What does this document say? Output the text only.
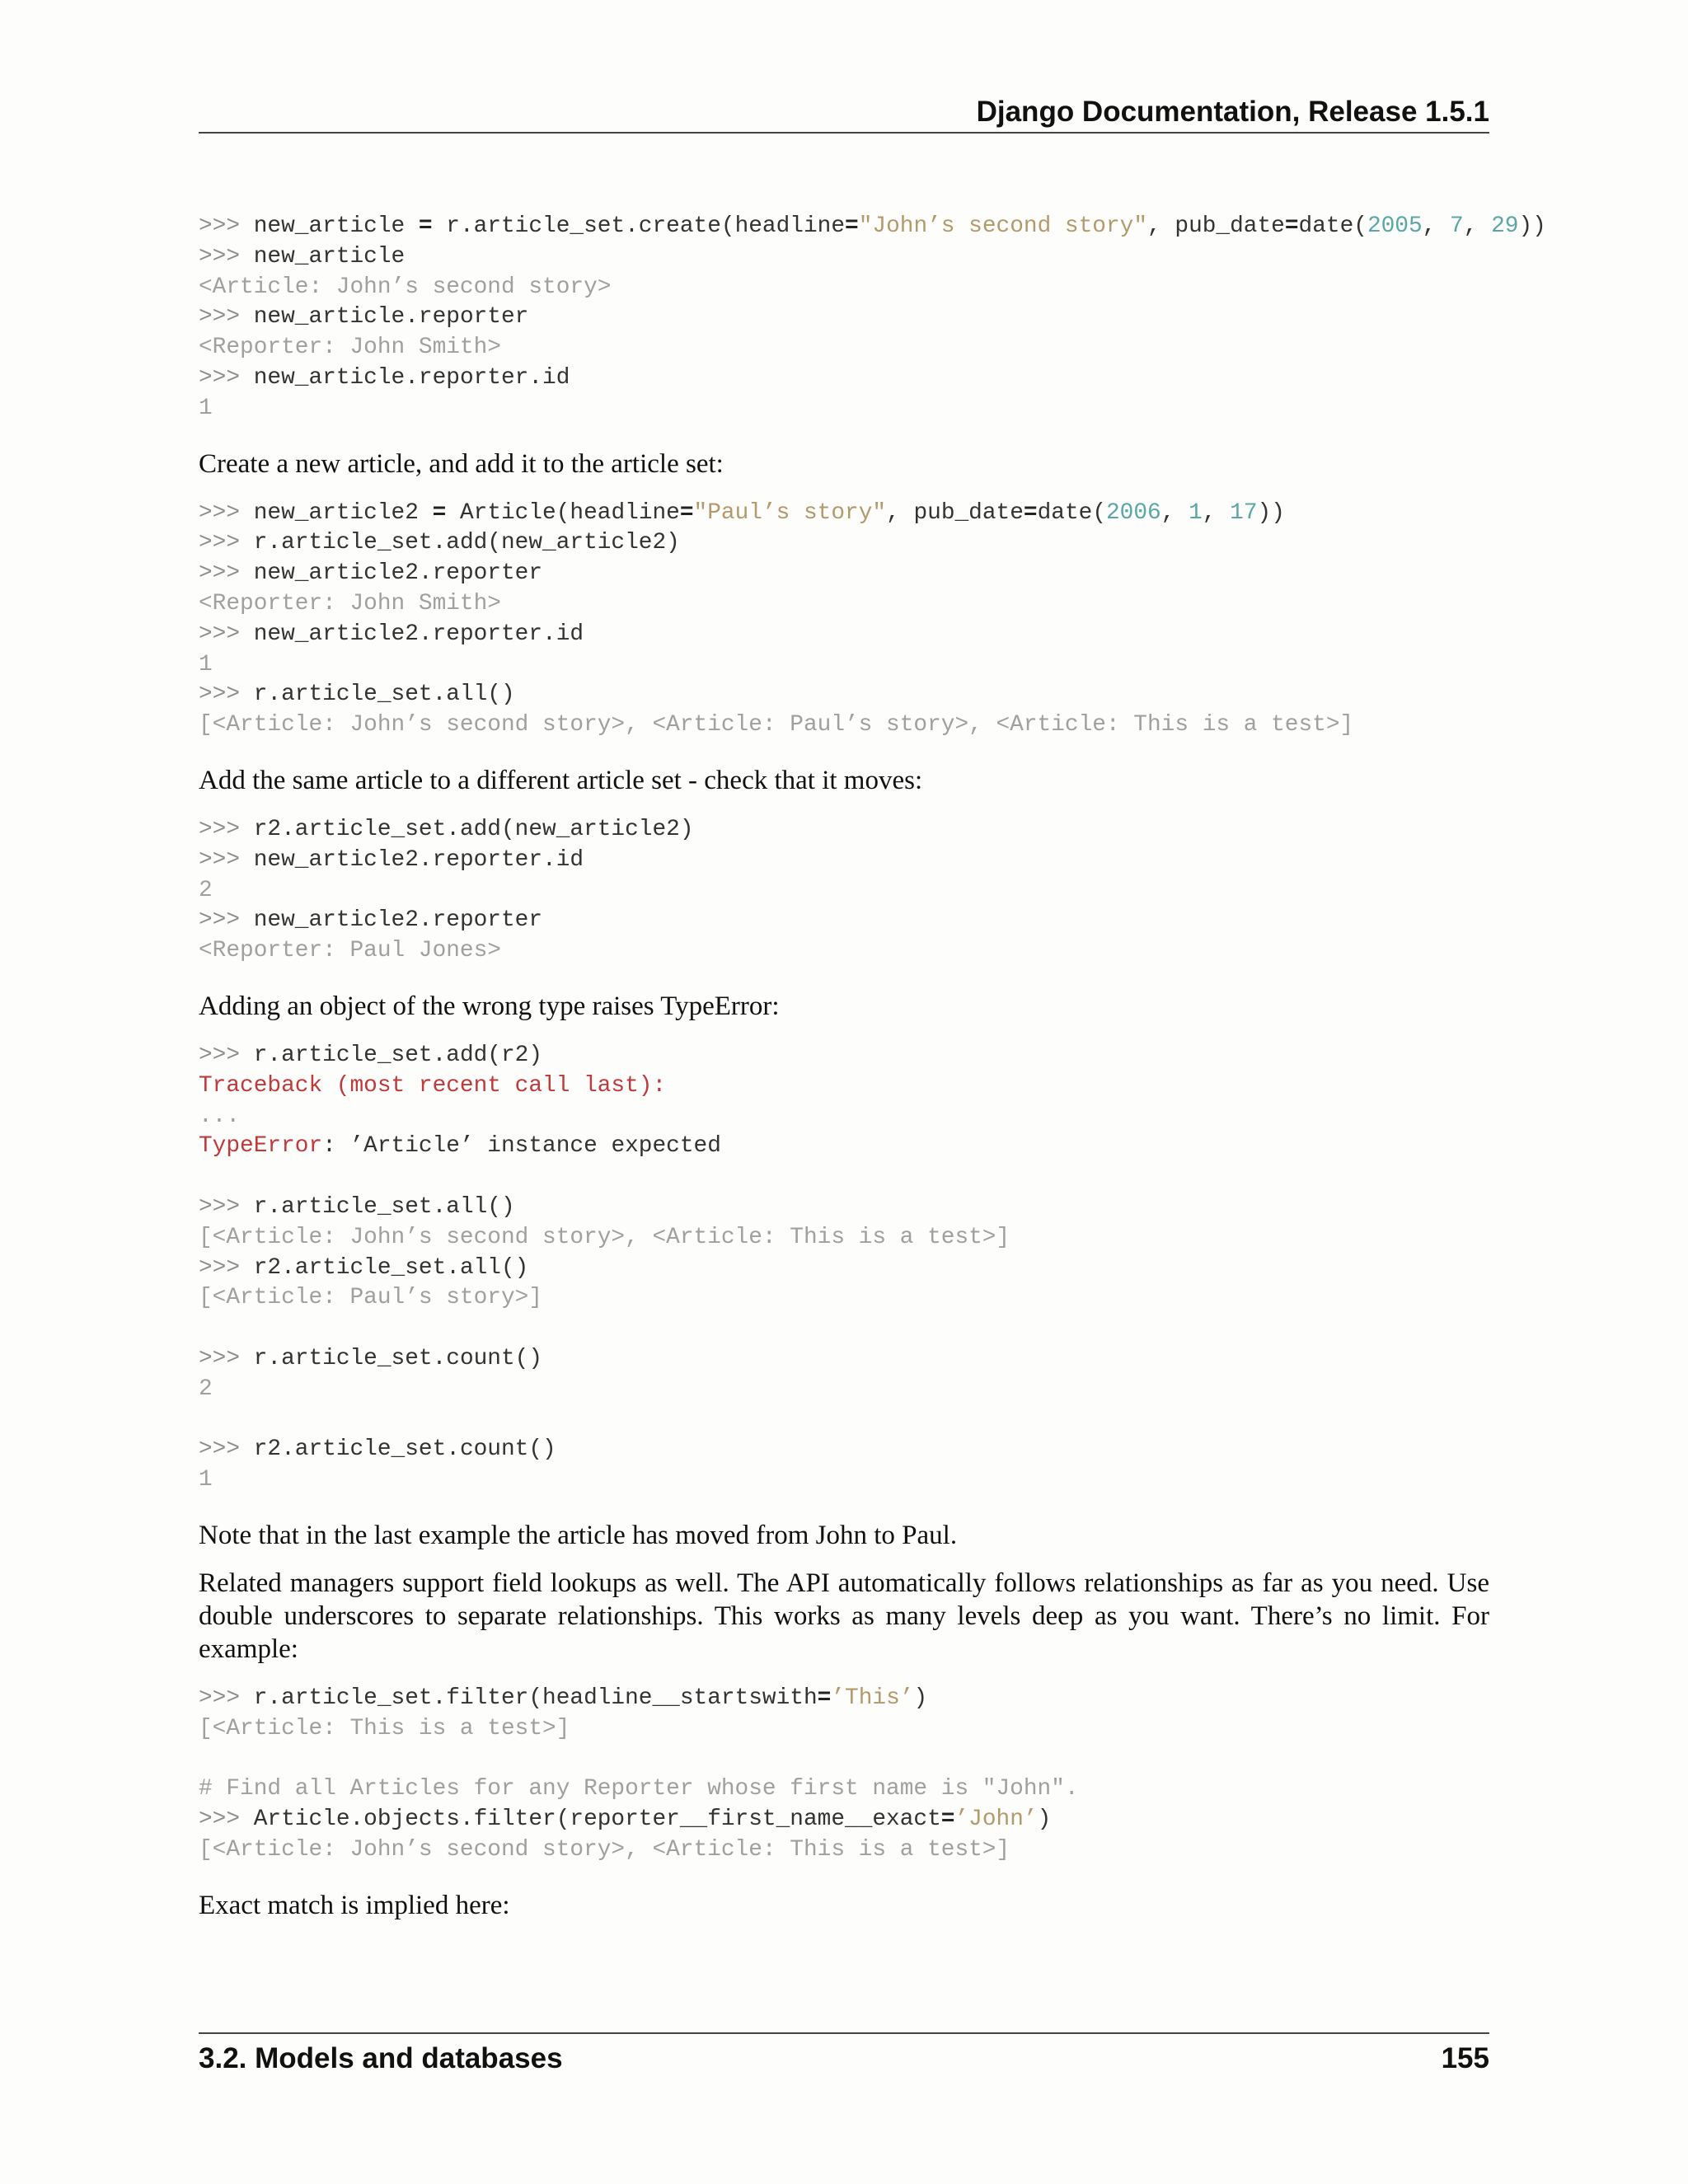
Django Documentation, Release 1.5.1
>>> new_article = r.article_set.create(headline="John’s second story", pub_date=date(2005, 7, 29))
>>> new_article
<Article: John’s second story>
>>> new_article.reporter
<Reporter: John Smith>
>>> new_article.reporter.id
1

Create a new article, and add it to the article set:

>>> new_article2 = Article(headline="Paul’s story", pub_date=date(2006, 1, 17))
>>> r.article_set.add(new_article2)
>>> new_article2.reporter
<Reporter: John Smith>
>>> new_article2.reporter.id
1
>>> r.article_set.all()
[<Article: John’s second story>, <Article: Paul’s story>, <Article: This is a test>]

Add the same article to a different article set - check that it moves:

>>> r2.article_set.add(new_article2)
>>> new_article2.reporter.id
2
>>> new_article2.reporter
<Reporter: Paul Jones>

Adding an object of the wrong type raises TypeError:

>>> r.article_set.add(r2)
Traceback (most recent call last):
...
TypeError: ’Article’ instance expected

>>> r.article_set.all()
[<Article: John’s second story>, <Article: This is a test>]
>>> r2.article_set.all()
[<Article: Paul’s story>]

>>> r.article_set.count()
2

>>> r2.article_set.count()
1

Note that in the last example the article has moved from John to Paul.

Related managers support field lookups as well. The API automatically follows relationships as far as you need. Use double underscores to separate relationships. This works as many levels deep as you want. There’s no limit. For example:

>>> r.article_set.filter(headline__startswith=’This’)
[<Article: This is a test>]

# Find all Articles for any Reporter whose first name is "John".
>>> Article.objects.filter(reporter__first_name__exact=’John’)
[<Article: John’s second story>, <Article: This is a test>]

Exact match is implied here:

3.2. Models and databases	155
